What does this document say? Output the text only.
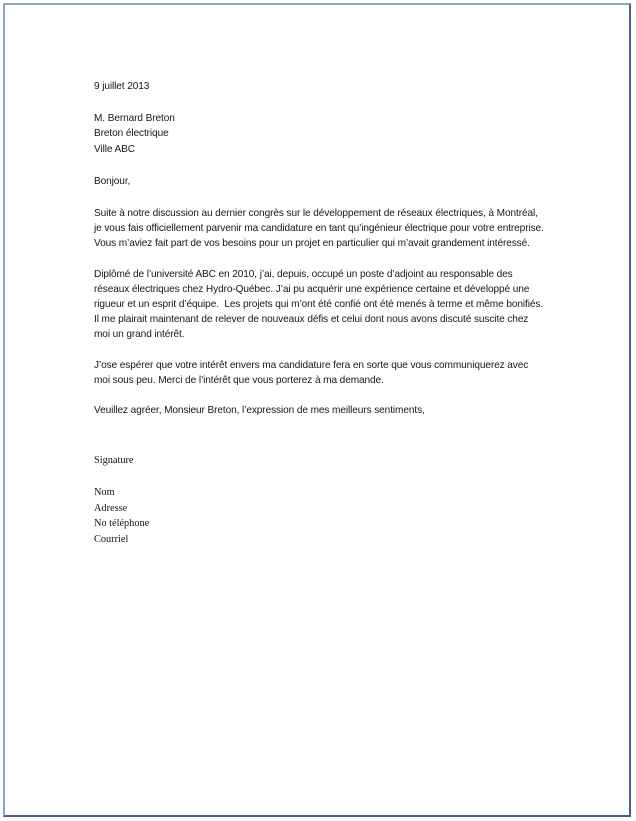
9 juillet 2013
M. Bernard Breton
Breton électrique
Ville ABC
Bonjour,

Suite à notre discussion au dernier congrès sur le développement de réseaux électriques, à Montréal, je vous fais officiellement parvenir ma candidature en tant qu’ingénieur électrique pour votre entreprise. Vous m’aviez fait part de vos besoins pour un projet en particulier qui m’avait grandement intéressé.

Diplômé de l’université ABC en 2010, j’ai, depuis, occupé un poste d’adjoint au responsable des réseaux électriques chez Hydro-Québec. J’ai pu acquérir une expérience certaine et développé une rigueur et un esprit d’équipe.  Les projets qui m’ont été confié ont été menés à terme et même bonifiés. Il me plairait maintenant de relever de nouveaux défis et celui dont nous avons discuté suscite chez moi un grand intérêt.

J’ose espérer que votre intérêt envers ma candidature fera en sorte que vous communiquerez avec moi sous peu. Merci de l’intérêt que vous porterez à ma demande.

Veuillez agréer, Monsieur Breton, l’expression de mes meilleurs sentiments,
Signature
Nom
Adresse
No téléphone
Courriel
